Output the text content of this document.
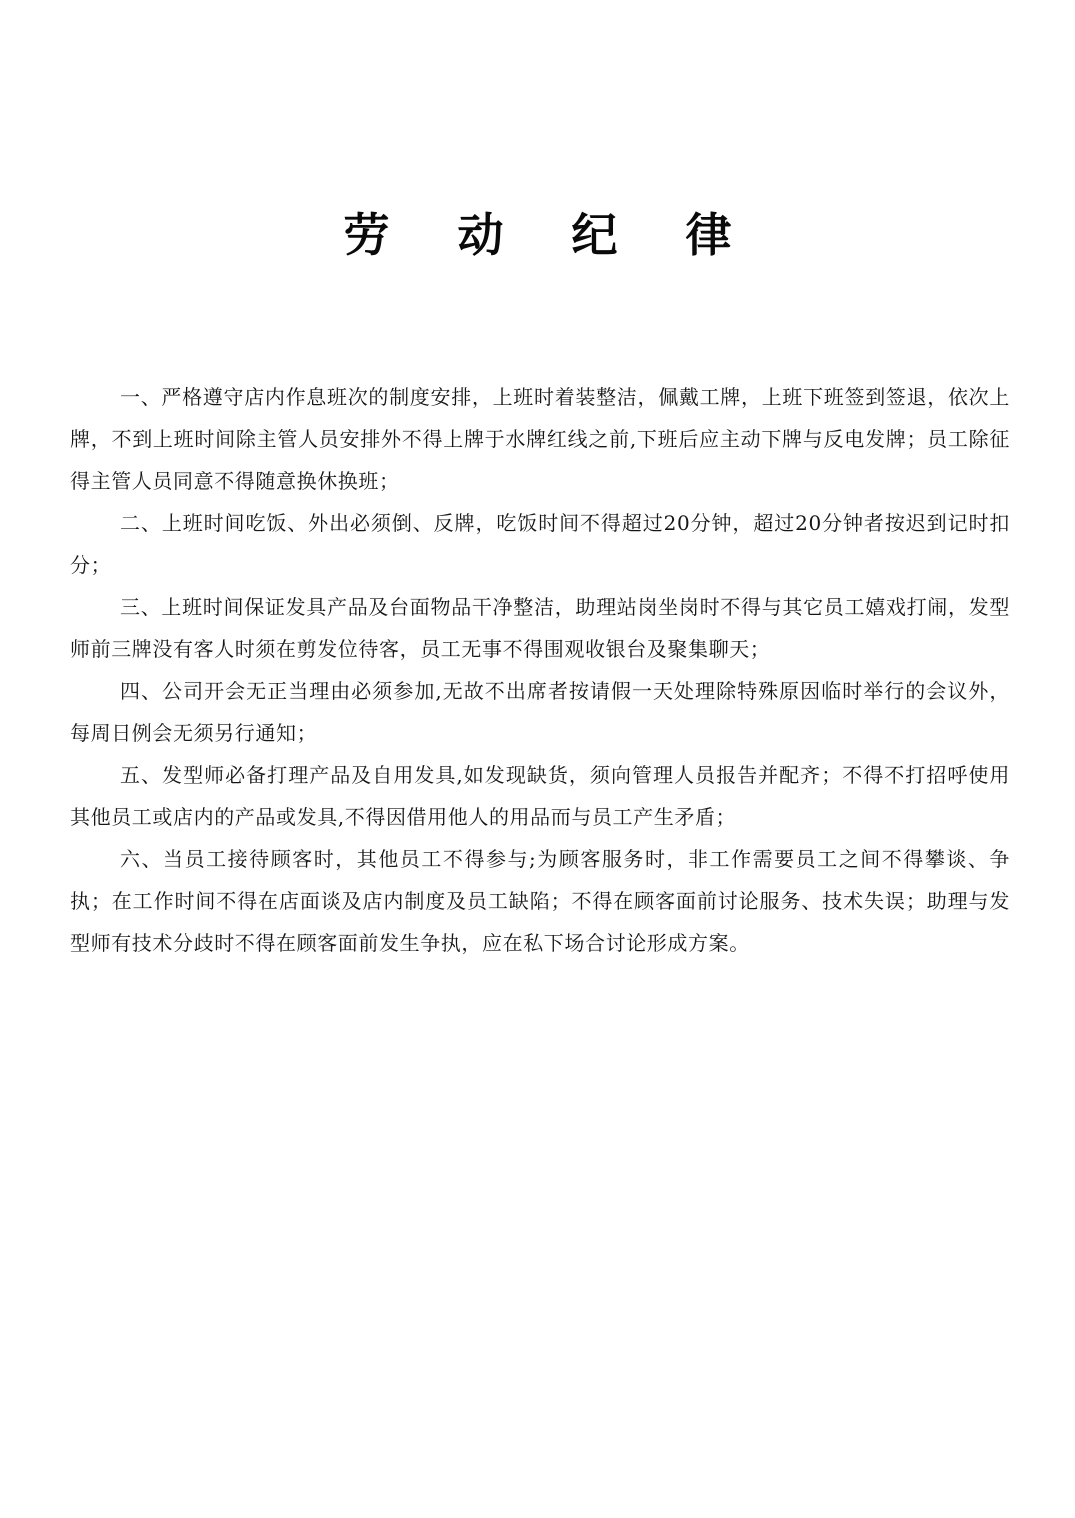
劳 动 纪 律

一、严格遵守店内作息班次的制度安排，上班时着装整洁，佩戴工牌，上班下班签到签退，依次上牌，不到上班时间除主管人员安排外不得上牌于水牌红线之前,下班后应主动下牌与反电发牌；员工除征得主管人员同意不得随意换休换班；

二、上班时间吃饭、外出必须倒、反牌，吃饭时间不得超过20分钟，超过20分钟者按迟到记时扣分；

三、上班时间保证发具产品及台面物品干净整洁，助理站岗坐岗时不得与其它员工嬉戏打闹，发型师前三牌没有客人时须在剪发位待客，员工无事不得围观收银台及聚集聊天；

四、公司开会无正当理由必须参加,无故不出席者按请假一天处理除特殊原因临时举行的会议外，每周日例会无须另行通知；

五、发型师必备打理产品及自用发具,如发现缺货，须向管理人员报告并配齐；不得不打招呼使用其他员工或店内的产品或发具,不得因借用他人的用品而与员工产生矛盾；

六、当员工接待顾客时，其他员工不得参与;为顾客服务时，非工作需要员工之间不得攀谈、争执；在工作时间不得在店面谈及店内制度及员工缺陷；不得在顾客面前讨论服务、技术失误；助理与发型师有技术分歧时不得在顾客面前发生争执，应在私下场合讨论形成方案。
